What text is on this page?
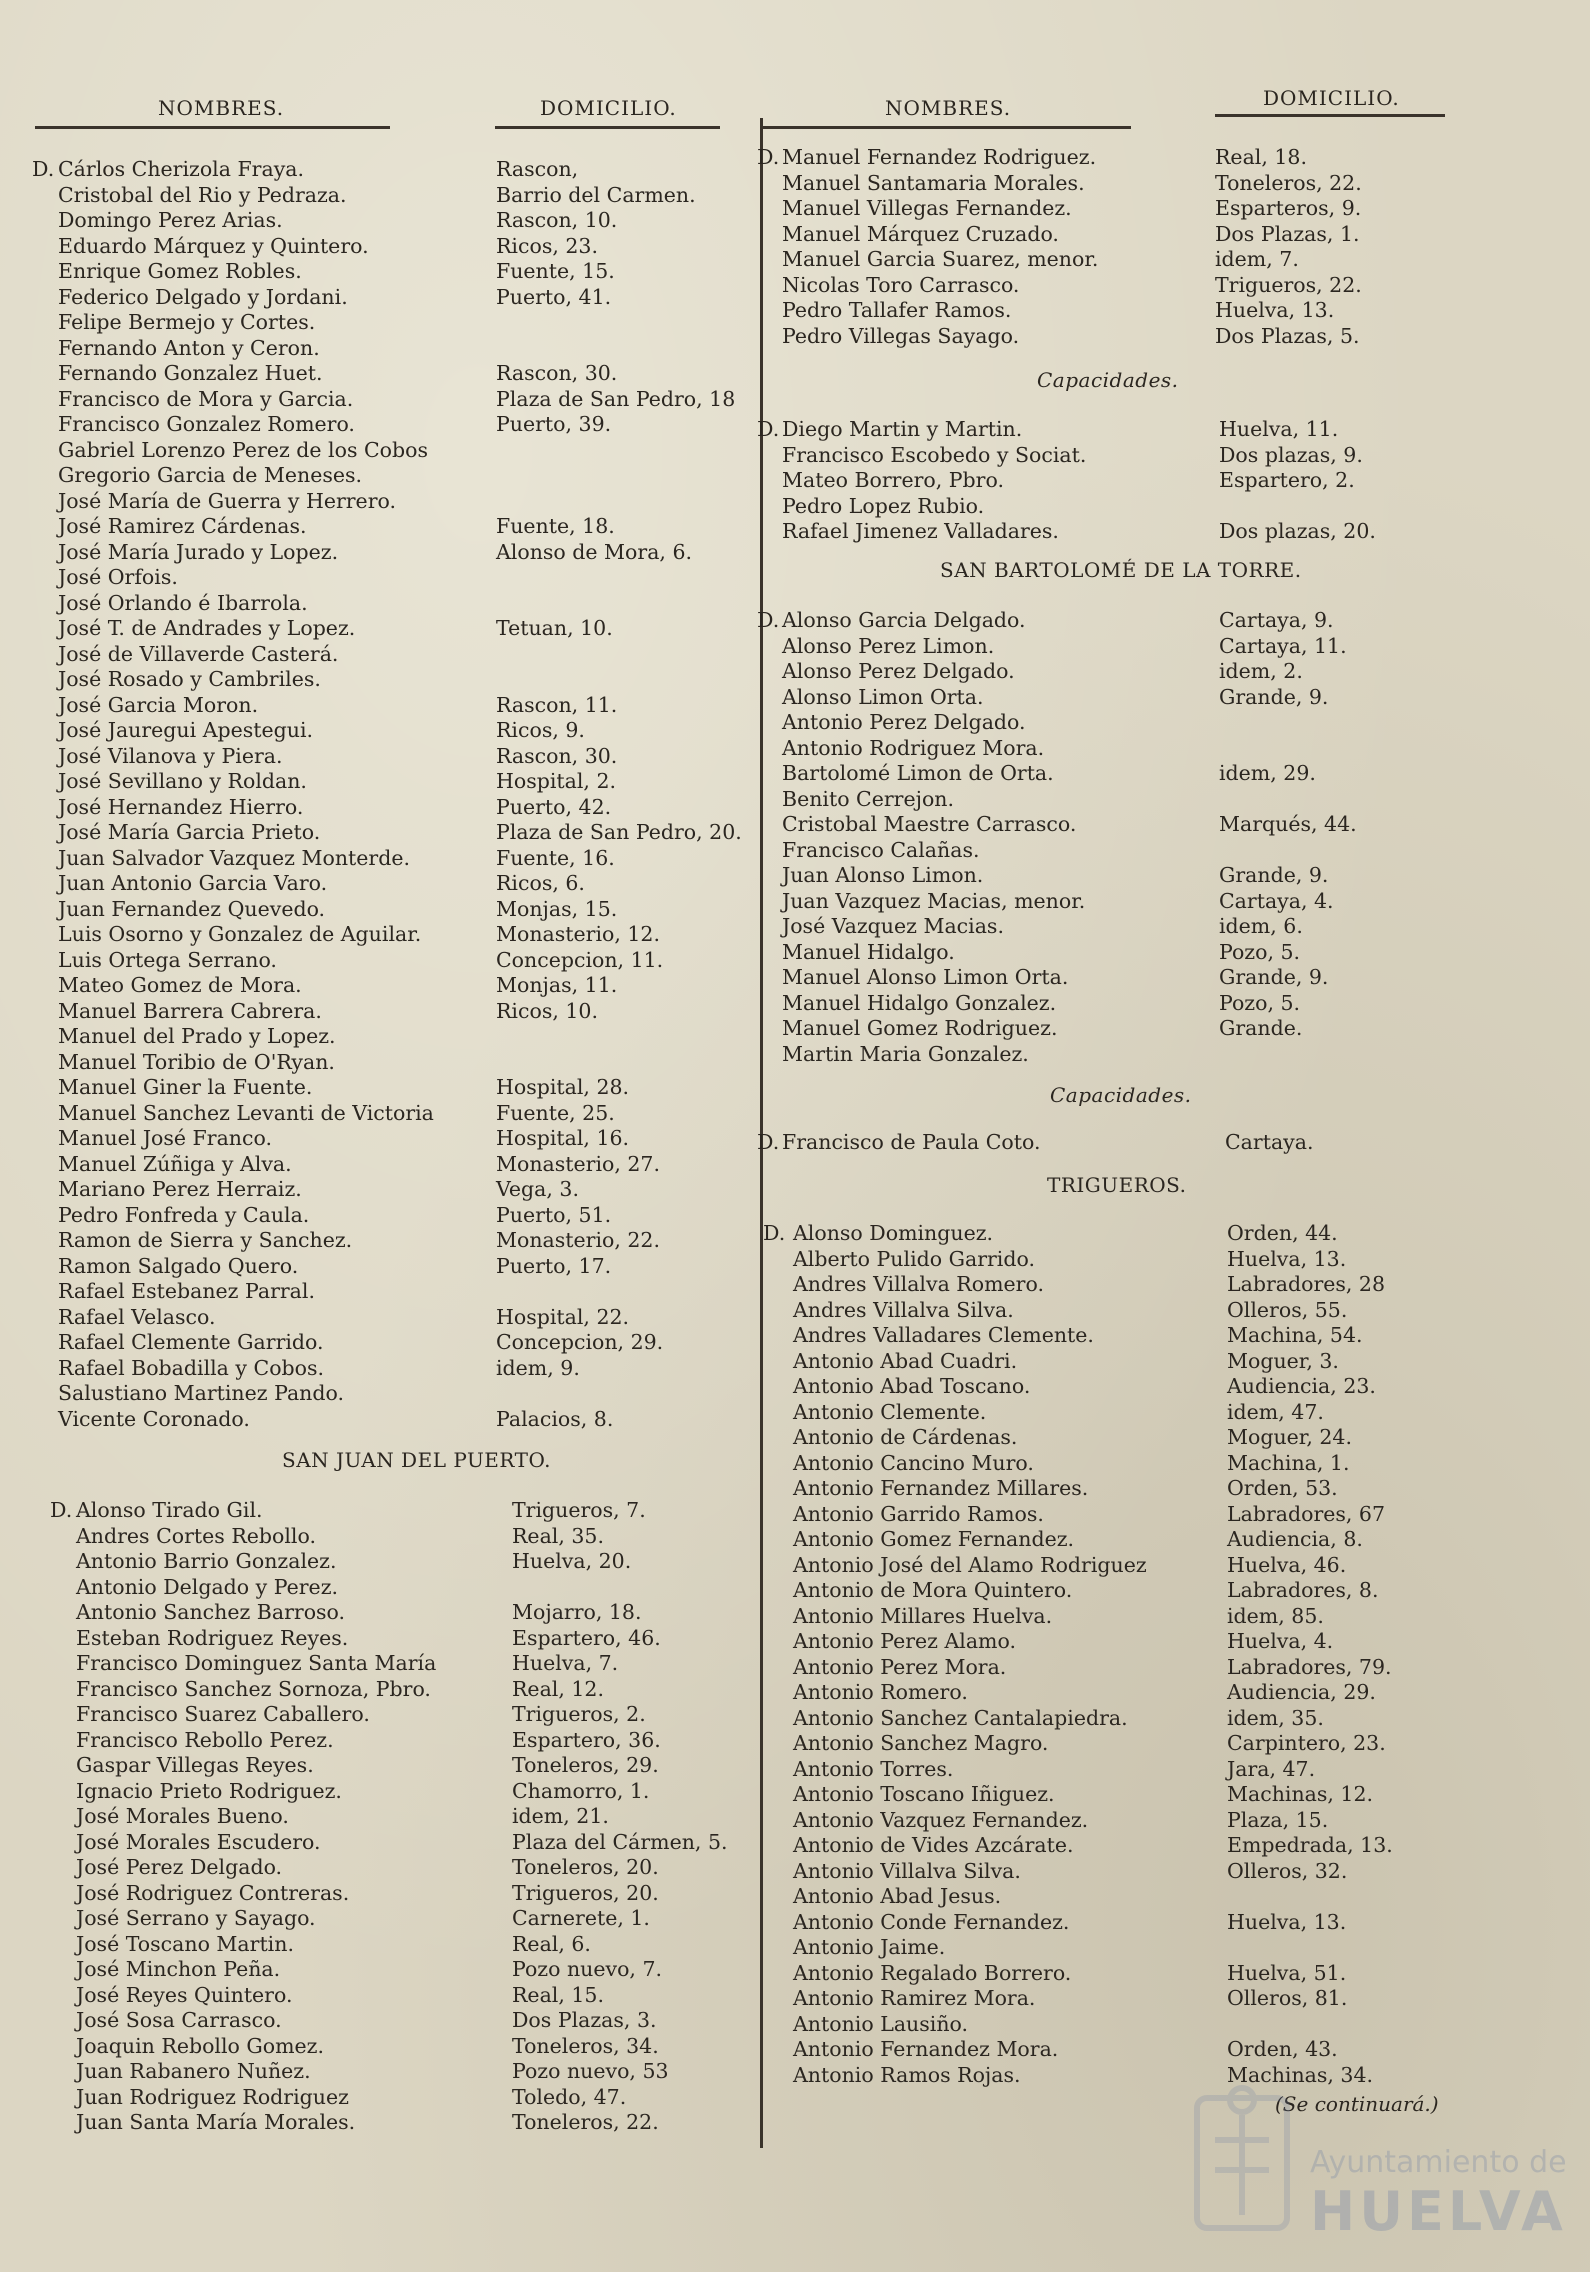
NOMBRES.	DOMICILIO.
D. Cárlos Cherizola Fraya.	Rascon,
Cristobal del Rio y Pedraza.	Barrio del Carmen.
Domingo Perez Arias.	Rascon, 10.
Eduardo Márquez y Quintero.	Ricos, 23.
Enrique Gomez Robles.	Fuente, 15.
Federico Delgado y Jordani.	Puerto, 41.
Felipe Bermejo y Cortes.
Fernando Anton y Ceron.
Fernando Gonzalez Huet.	Rascon, 30.
Francisco de Mora y Garcia.	Plaza de San Pedro, 18
Francisco Gonzalez Romero.	Puerto, 39.
Gabriel Lorenzo Perez de los Cobos
Gregorio Garcia de Meneses.
José María de Guerra y Herrero.
José Ramirez Cárdenas.	Fuente, 18.
José María Jurado y Lopez.	Alonso de Mora, 6.
José Orfois.
José Orlando é Ibarrola.
José T. de Andrades y Lopez.	Tetuan, 10.
José de Villaverde Casterá.
José Rosado y Cambriles.
José Garcia Moron.	Rascon, 11.
José Jauregui Apestegui.	Ricos, 9.
José Vilanova y Piera.	Rascon, 30.
José Sevillano y Roldan.	Hospital, 2.
José Hernandez Hierro.	Puerto, 42.
José María Garcia Prieto.	Plaza de San Pedro, 20.
Juan Salvador Vazquez Monterde.	Fuente, 16.
Juan Antonio Garcia Varo.	Ricos, 6.
Juan Fernandez Quevedo.	Monjas, 15.
Luis Osorno y Gonzalez de Aguilar.	Monasterio, 12.
Luis Ortega Serrano.	Concepcion, 11.
Mateo Gomez de Mora.	Monjas, 11.
Manuel Barrera Cabrera.	Ricos, 10.
Manuel del Prado y Lopez.
Manuel Toribio de O'Ryan.
Manuel Giner la Fuente.	Hospital, 28.
Manuel Sanchez Levanti de Victoria	Fuente, 25.
Manuel José Franco.	Hospital, 16.
Manuel Zúñiga y Alva.	Monasterio, 27.
Mariano Perez Herraiz.	Vega, 3.
Pedro Fonfreda y Caula.	Puerto, 51.
Ramon de Sierra y Sanchez.	Monasterio, 22.
Ramon Salgado Quero.	Puerto, 17.
Rafael Estebanez Parral.
Rafael Velasco.	Hospital, 22.
Rafael Clemente Garrido.	Concepcion, 29.
Rafael Bobadilla y Cobos.	idem, 9.
Salustiano Martinez Pando.
Vicente Coronado.	Palacios, 8.
SAN JUAN DEL PUERTO.
D. Alonso Tirado Gil.	Trigueros, 7.
Andres Cortes Rebollo.	Real, 35.
Antonio Barrio Gonzalez.	Huelva, 20.
Antonio Delgado y Perez.
Antonio Sanchez Barroso.	Mojarro, 18.
Esteban Rodriguez Reyes.	Espartero, 46.
Francisco Dominguez Santa María	Huelva, 7.
Francisco Sanchez Sornoza, Pbro.	Real, 12.
Francisco Suarez Caballero.	Trigueros, 2.
Francisco Rebollo Perez.	Espartero, 36.
Gaspar Villegas Reyes.	Toneleros, 29.
Ignacio Prieto Rodriguez.	Chamorro, 1.
José Morales Bueno.	idem, 21.
José Morales Escudero.	Plaza del Cármen, 5.
José Perez Delgado.	Toneleros, 20.
José Rodriguez Contreras.	Trigueros, 20.
José Serrano y Sayago.	Carnerete, 1.
José Toscano Martin.	Real, 6.
José Minchon Peña.	Pozo nuevo, 7.
José Reyes Quintero.	Real, 15.
José Sosa Carrasco.	Dos Plazas, 3.
Joaquin Rebollo Gomez.	Toneleros, 34.
Juan Rabanero Nuñez.	Pozo nuevo, 53
Juan Rodriguez Rodriguez	Toledo, 47.
Juan Santa María Morales.	Toneleros, 22.
NOMBRES.	DOMICILIO.
D. Manuel Fernandez Rodriguez.	Real, 18.
Manuel Santamaria Morales.	Toneleros, 22.
Manuel Villegas Fernandez.	Esparteros, 9.
Manuel Márquez Cruzado.	Dos Plazas, 1.
Manuel Garcia Suarez, menor.	idem, 7.
Nicolas Toro Carrasco.	Trigueros, 22.
Pedro Tallafer Ramos.	Huelva, 13.
Pedro Villegas Sayago.	Dos Plazas, 5.
Capacidades.
D. Diego Martin y Martin.	Huelva, 11.
Francisco Escobedo y Sociat.	Dos plazas, 9.
Mateo Borrero, Pbro.	Espartero, 2.
Pedro Lopez Rubio.
Rafael Jimenez Valladares.	Dos plazas, 20.
SAN BARTOLOMÉ DE LA TORRE.
D. Alonso Garcia Delgado.	Cartaya, 9.
Alonso Perez Limon.	Cartaya, 11.
Alonso Perez Delgado.	idem, 2.
Alonso Limon Orta.	Grande, 9.
Antonio Perez Delgado.
Antonio Rodriguez Mora.
Bartolomé Limon de Orta.	idem, 29.
Benito Cerrejon.
Cristobal Maestre Carrasco.	Marqués, 44.
Francisco Calañas.
Juan Alonso Limon.	Grande, 9.
Juan Vazquez Macias, menor.	Cartaya, 4.
José Vazquez Macias.	idem, 6.
Manuel Hidalgo.	Pozo, 5.
Manuel Alonso Limon Orta.	Grande, 9.
Manuel Hidalgo Gonzalez.	Pozo, 5.
Manuel Gomez Rodriguez.	Grande.
Martin Maria Gonzalez.
Capacidades.
D. Francisco de Paula Coto.	Cartaya.
TRIGUEROS.
D. Alonso Dominguez.	Orden, 44.
Alberto Pulido Garrido.	Huelva, 13.
Andres Villalva Romero.	Labradores, 28
Andres Villalva Silva.	Olleros, 55.
Andres Valladares Clemente.	Machina, 54.
Antonio Abad Cuadri.	Moguer, 3.
Antonio Abad Toscano.	Audiencia, 23.
Antonio Clemente.	idem, 47.
Antonio de Cárdenas.	Moguer, 24.
Antonio Cancino Muro.	Machina, 1.
Antonio Fernandez Millares.	Orden, 53.
Antonio Garrido Ramos.	Labradores, 67
Antonio Gomez Fernandez.	Audiencia, 8.
Antonio José del Alamo Rodriguez	Huelva, 46.
Antonio de Mora Quintero.	Labradores, 8.
Antonio Millares Huelva.	idem, 85.
Antonio Perez Alamo.	Huelva, 4.
Antonio Perez Mora.	Labradores, 79.
Antonio Romero.	Audiencia, 29.
Antonio Sanchez Cantalapiedra.	idem, 35.
Antonio Sanchez Magro.	Carpintero, 23.
Antonio Torres.	Jara, 47.
Antonio Toscano Iñiguez.	Machinas, 12.
Antonio Vazquez Fernandez.	Plaza, 15.
Antonio de Vides Azcárate.	Empedrada, 13.
Antonio Villalva Silva.	Olleros, 32.
Antonio Abad Jesus.
Antonio Conde Fernandez.	Huelva, 13.
Antonio Jaime.
Antonio Regalado Borrero.	Huelva, 51.
Antonio Ramirez Mora.	Olleros, 81.
Antonio Lausiño.
Antonio Fernandez Mora.	Orden, 43.
Antonio Ramos Rojas.	Machinas, 34.
(Se continuará.)
Ayuntamiento de
HUELVA
